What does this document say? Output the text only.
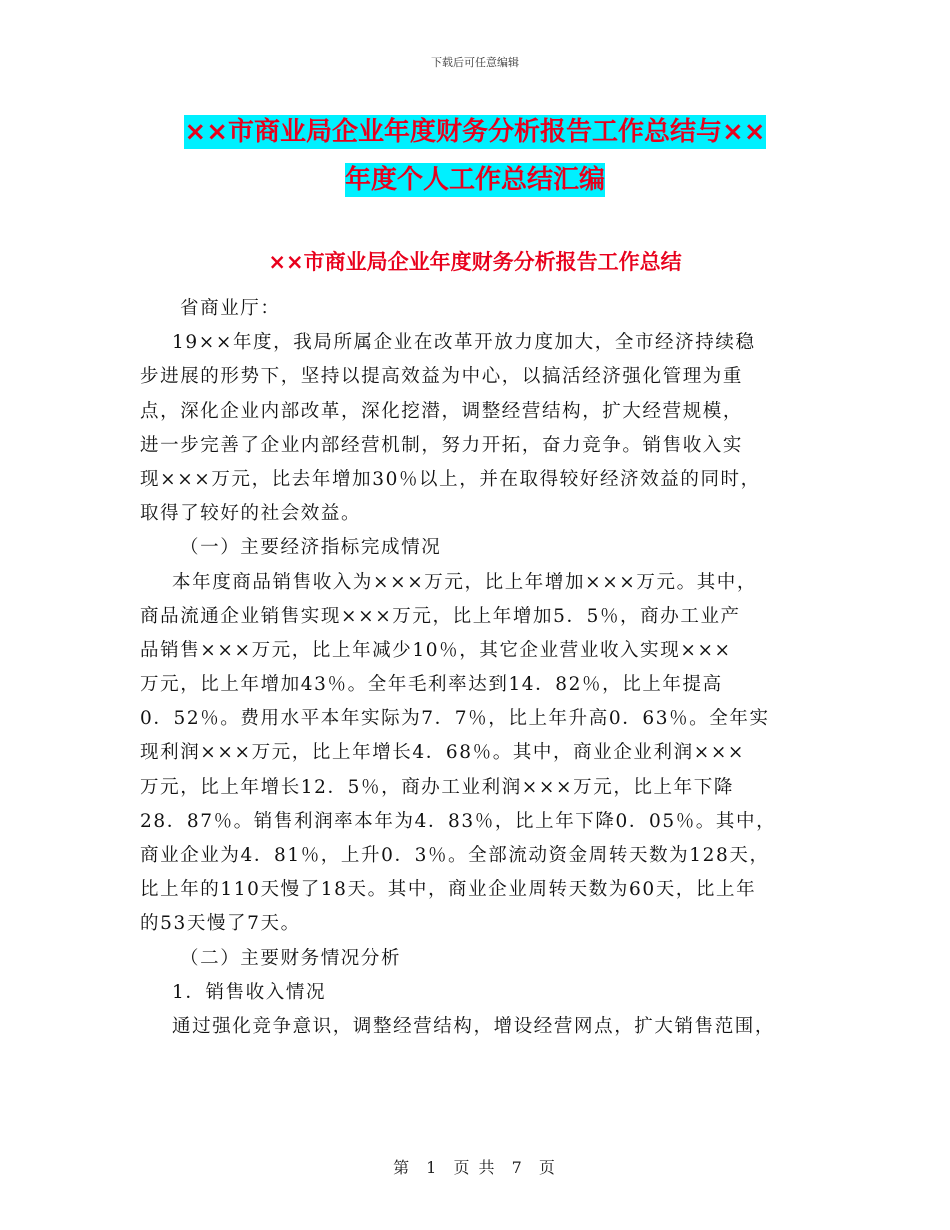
下载后可任意编辑
××市商业局企业年度财务分析报告工作总结与××
年度个人工作总结汇编
××市商业局企业年度财务分析报告工作总结
省商业厅：
19××年度，我局所属企业在改革开放力度加大，全市经济持续稳
步进展的形势下，坚持以提高效益为中心，以搞活经济强化管理为重
点，深化企业内部改革，深化挖潜，调整经营结构，扩大经营规模，
进一步完善了企业内部经营机制，努力开拓，奋力竞争。销售收入实
现×××万元，比去年增加30％以上，并在取得较好经济效益的同时，
取得了较好的社会效益。
（一）主要经济指标完成情况
本年度商品销售收入为×××万元，比上年增加×××万元。其中，
商品流通企业销售实现×××万元，比上年增加5．5％，商办工业产
品销售×××万元，比上年减少10％，其它企业营业收入实现×××
万元，比上年增加43％。全年毛利率达到14．82％，比上年提高
0．52％。费用水平本年实际为7．7％，比上年升高0．63％。全年实
现利润×××万元，比上年增长4．68％。其中，商业企业利润×××
万元，比上年增长12．5％，商办工业利润×××万元，比上年下降
28．87％。销售利润率本年为4．83％，比上年下降0．05％。其中，
商业企业为4．81％，上升0．3％。全部流动资金周转天数为128天，
比上年的110天慢了18天。其中，商业企业周转天数为60天，比上年
的53天慢了7天。
（二）主要财务情况分析
1．销售收入情况
通过强化竞争意识，调整经营结构，增设经营网点，扩大销售范围，
第 1 页 共 7 页
